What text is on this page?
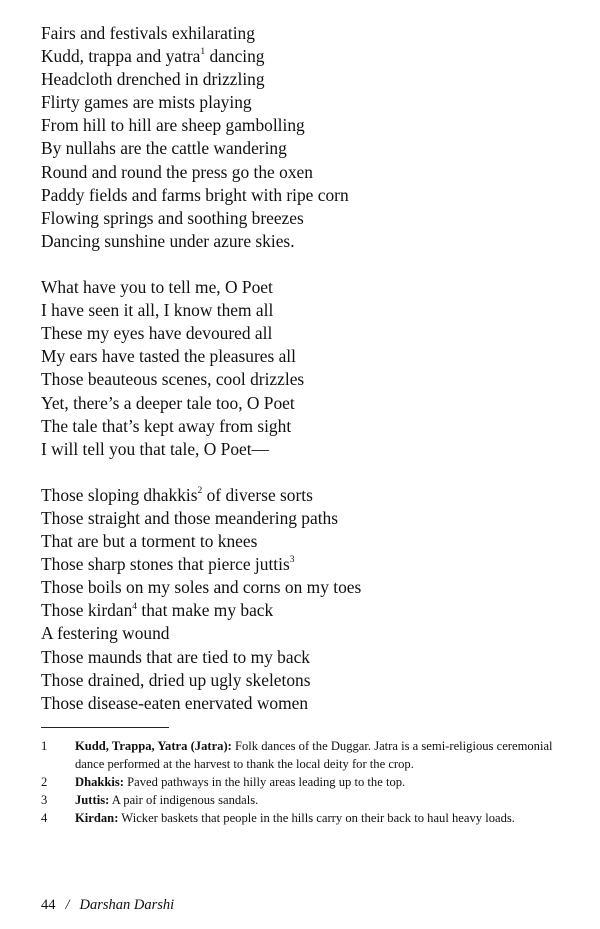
Fairs and festivals exhilarating
Kudd, trappa and yatra$^1$ dancing
Headcloth drenched in drizzling
Flirty games are mists playing
From hill to hill are sheep gambolling
By nullahs are the cattle wandering
Round and round the press go the oxen
Paddy fields and farms bright with ripe corn
Flowing springs and soothing breezes
Dancing sunshine under azure skies.
What have you to tell me, O Poet
I have seen it all, I know them all
These my eyes have devoured all
My ears have tasted the pleasures all
Those beauteous scenes, cool drizzles
Yet, there’s a deeper tale too, O Poet
The tale that’s kept away from sight
I will tell you that tale, O Poet—
Those sloping dhakkis$^2$ of diverse sorts
Those straight and those meandering paths
That are but a torment to knees
Those sharp stones that pierce juttis$^3$
Those boils on my soles and corns on my toes
Those kirdan$^4$ that make my back
A festering wound
Those maunds that are tied to my back
Those drained, dried up ugly skeletons
Those disease-eaten enervated women
1	Kudd, Trappa, Yatra (Jatra): Folk dances of the Duggar. Jatra is a semi-religious ceremonial dance performed at the harvest to thank the local deity for the crop.
2	Dhakkis: Paved pathways in the hilly areas leading up to the top.
3	Juttis: A pair of indigenous sandals.
4	Kirdan: Wicker baskets that people in the hills carry on their back to haul heavy loads.
44 / Darshan Darshi
